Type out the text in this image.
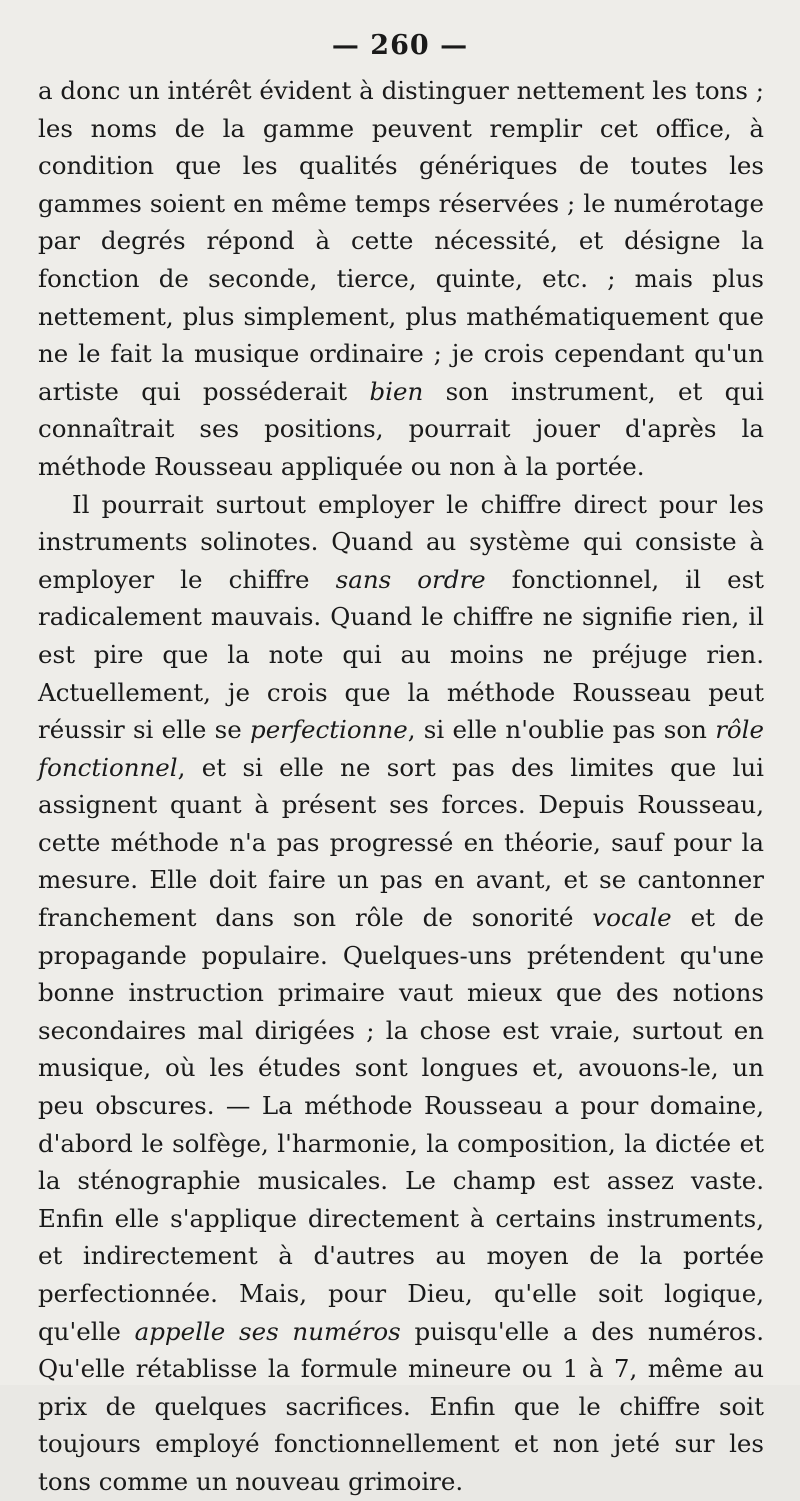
— 260 —

a donc un intérêt évident à distinguer nettement les tons ; les noms de la gamme peuvent remplir cet office, à condition que les qualités génériques de toutes les gammes soient en même temps réservées ; le numérotage par degrés répond à cette nécessité, et désigne la fonction de seconde, tierce, quinte, etc. ; mais plus nettement, plus simplement, plus mathématiquement que ne le fait la musique ordinaire ; je crois cependant qu'un artiste qui posséderait bien son instrument, et qui connaîtrait ses positions, pourrait jouer d'après la méthode Rousseau appliquée ou non à la portée.

Il pourrait surtout employer le chiffre direct pour les instruments solinotes. Quand au système qui consiste à employer le chiffre sans ordre fonctionnel, il est radicalement mauvais. Quand le chiffre ne signifie rien, il est pire que la note qui au moins ne préjuge rien. Actuellement, je crois que la méthode Rousseau peut réussir si elle se perfectionne, si elle n'oublie pas son rôle fonctionnel, et si elle ne sort pas des limites que lui assignent quant à présent ses forces. Depuis Rousseau, cette méthode n'a pas progressé en théorie, sauf pour la mesure. Elle doit faire un pas en avant, et se cantonner franchement dans son rôle de sonorité vocale et de propagande populaire. Quelques-uns prétendent qu'une bonne instruction primaire vaut mieux que des notions secondaires mal dirigées ; la chose est vraie, surtout en musique, où les études sont longues et, avouons-le, un peu obscures. — La méthode Rousseau a pour domaine, d'abord le solfège, l'harmonie, la composition, la dictée et la sténographie musicales. Le champ est assez vaste. Enfin elle s'applique directement à certains instruments, et indirectement à d'autres au moyen de la portée perfectionnée. Mais, pour Dieu, qu'elle soit logique, qu'elle appelle ses numéros puisqu'elle a des numéros. Qu'elle rétablisse la formule mineure ou 1 à 7, même au prix de quelques sacrifices. Enfin que le chiffre soit toujours employé fonctionnellement et non jeté sur les tons comme un nouveau grimoire.
